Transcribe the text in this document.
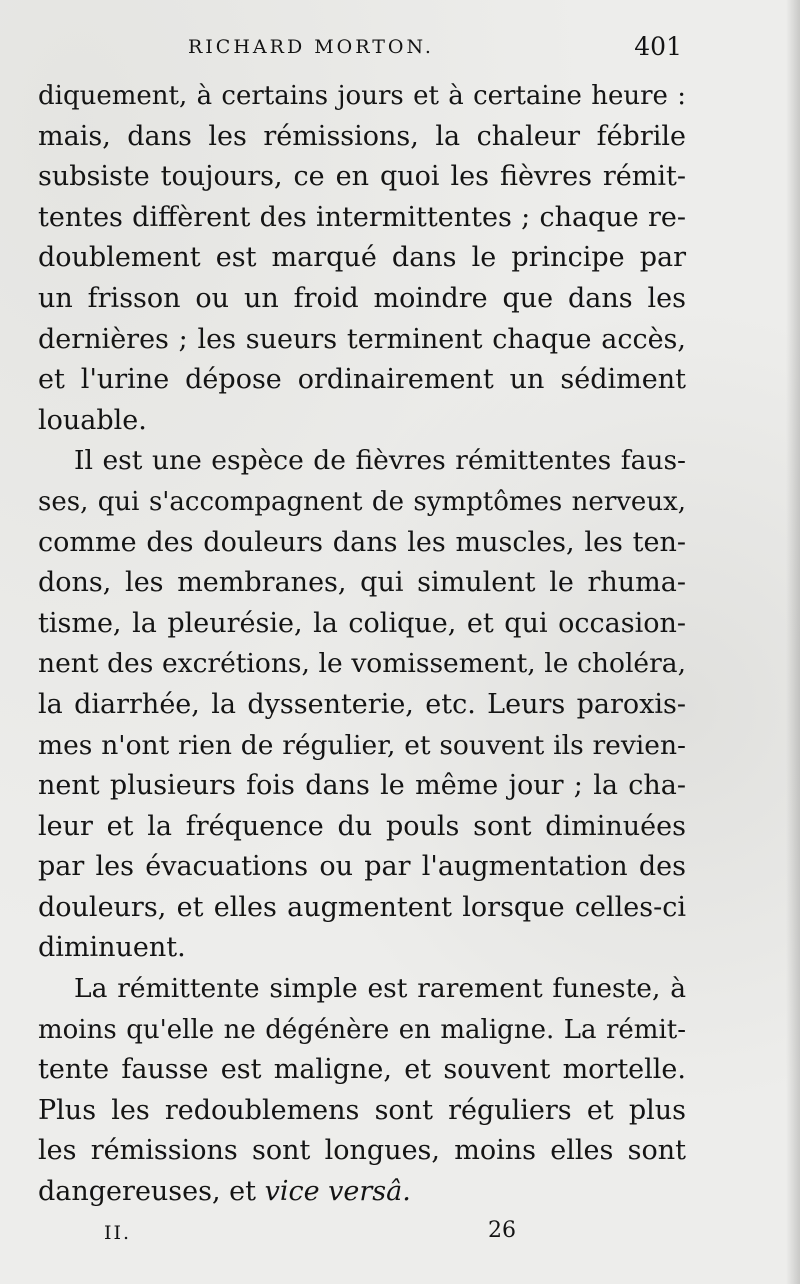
RICHARD MORTON.	401
diquement, à certains jours et à certaine heure :
mais, dans les rémissions, la chaleur fébrile
subsiste toujours, ce en quoi les fièvres rémit-
tentes diffèrent des intermittentes ; chaque re-
doublement est marqué dans le principe par
un frisson ou un froid moindre que dans les
dernières ; les sueurs terminent chaque accès,
et l'urine dépose ordinairement un sédiment
louable.
Il est une espèce de fièvres rémittentes faus-
ses, qui s'accompagnent de symptômes nerveux,
comme des douleurs dans les muscles, les ten-
dons, les membranes, qui simulent le rhuma-
tisme, la pleurésie, la colique, et qui occasion-
nent des excrétions, le vomissement, le choléra,
la diarrhée, la dyssenterie, etc. Leurs paroxis-
mes n'ont rien de régulier, et souvent ils revien-
nent plusieurs fois dans le même jour ; la cha-
leur et la fréquence du pouls sont diminuées
par les évacuations ou par l'augmentation des
douleurs, et elles augmentent lorsque celles-ci
diminuent.
La rémittente simple est rarement funeste, à
moins qu'elle ne dégénère en maligne. La rémit-
tente fausse est maligne, et souvent mortelle.
Plus les redoublemens sont réguliers et plus
les rémissions sont longues, moins elles sont
dangereuses, et vice versâ.
II.	26
